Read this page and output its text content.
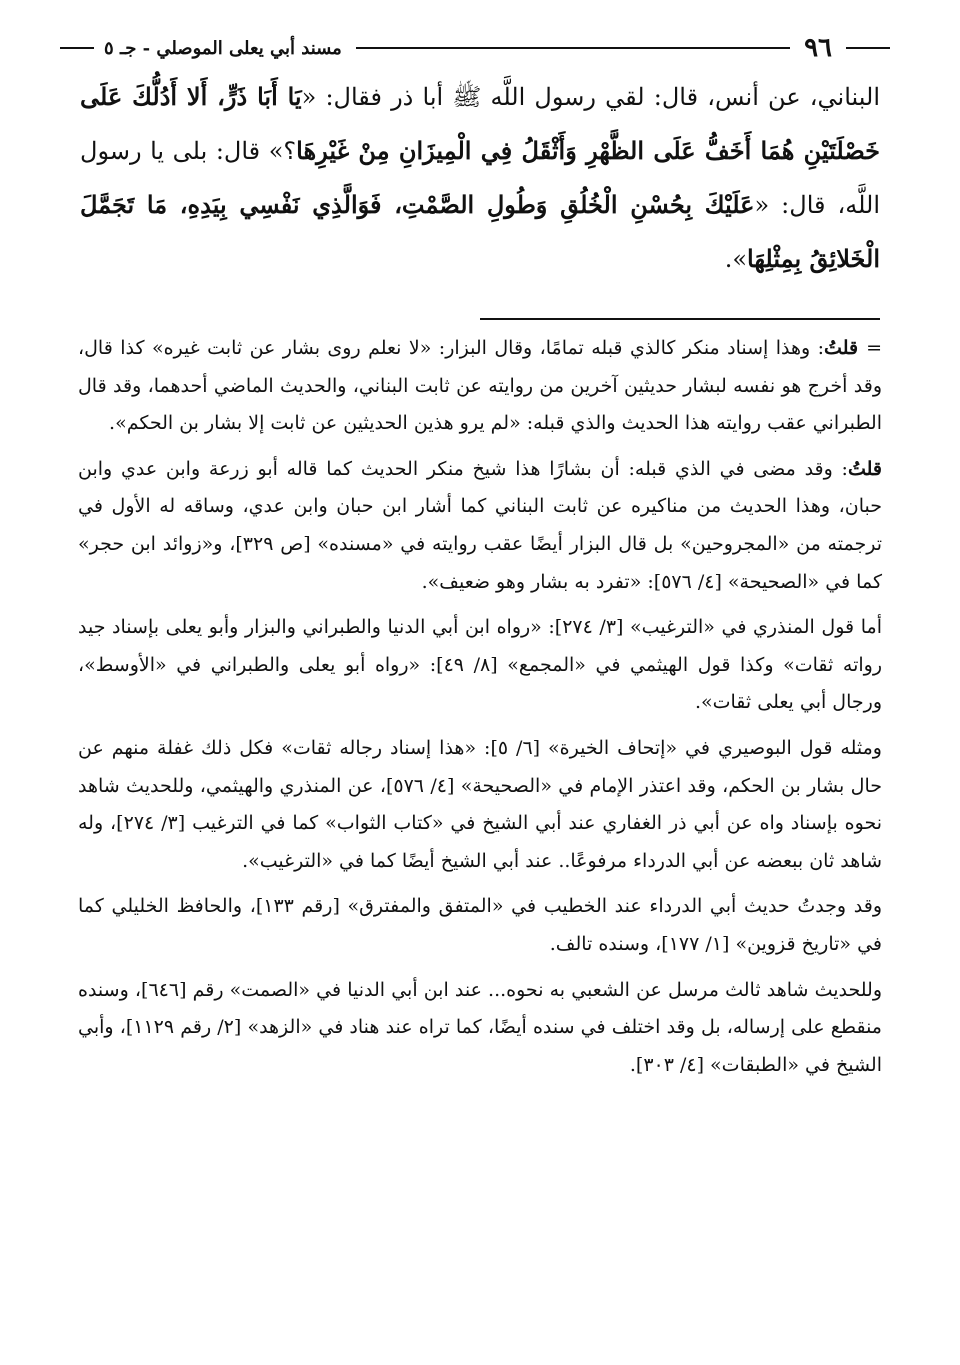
٩٦
مسند أبي يعلى الموصلي - جـ ٥
البناني، عن أنس، قال: لقي رسول اللَّه ﷺ أبا ذر فقال: «يَا أَبَا ذَرٍّ، أَلا أَدُلُّكَ عَلَى خَصْلَتَيْنِ هُمَا أَخَفُّ عَلَى الظَّهْرِ وَأَثْقَلُ فِي الْمِيزَانِ مِنْ غَيْرِهَا؟» قال: بلى يا رسول اللَّه، قال: «عَلَيْكَ بِحُسْنِ الْخُلُقِ وَطُولِ الصَّمْتِ، فَوَالَّذِي نَفْسِي بِيَدِهِ، مَا تَجَمَّلَ الْخَلائِقُ بِمِثْلِهَا».

=قلتُ: وهذا إسناد منكر كالذي قبله تمامًا، وقال البزار: «لا نعلم روى بشار عن ثابت غيره» كذا قال، وقد أخرج هو نفسه لبشار حديثين آخرين من روايته عن ثابت البناني، والحديث الماضي أحدهما، وقد قال الطبراني عقب روايته هذا الحديث والذي قبله: «لم يرو هذين الحديثين عن ثابت إلا بشار بن الحكم».

قلتُ: وقد مضى في الذي قبله: أن بشارًا هذا شيخ منكر الحديث كما قاله أبو زرعة وابن عدي وابن حبان، وهذا الحديث من مناكيره عن ثابت البناني كما أشار ابن حبان وابن عدي، وساقه له الأول في ترجمته من «المجروحين» بل قال البزار أيضًا عقب روايته في «مسنده» [ص ٣٢٩]، و«زوائد ابن حجر» كما في «الصحيحة» [٤/ ٥٧٦]: «تفرد به بشار وهو ضعيف».

أما قول المنذري في «الترغيب» [٣/ ٢٧٤]: «رواه ابن أبي الدنيا والطبراني والبزار وأبو يعلى بإسناد جيد رواته ثقات» وكذا قول الهيثمي في «المجمع» [٨/ ٤٩]: «رواه أبو يعلى والطبراني في «الأوسط»، ورجال أبي يعلى ثقات».

ومثله قول البوصيري في «إتحاف الخيرة» [٦/ ٥]: «هذا إسناد رجاله ثقات» فكل ذلك غفلة منهم عن حال بشار بن الحكم، وقد اعتذر الإمام في «الصحيحة» [٤/ ٥٧٦]، عن المنذري والهيثمي، وللحديث شاهد نحوه بإسناد واه عن أبي ذر الغفاري عند أبي الشيخ في «كتاب الثواب» كما في الترغيب [٣/ ٢٧٤]، وله شاهد ثان ببعضه عن أبي الدرداء مرفوعًا.. عند أبي الشيخ أيضًا كما في «الترغيب».

وقد وجدتُ حديث أبي الدرداء عند الخطيب في «المتفق والمفترق» [رقم ١٣٣]، والحافظ الخليلي كما في «تاريخ قزوين» [١/ ١٧٧]، وسنده تالف.

وللحديث شاهد ثالث مرسل عن الشعبي به نحوه... عند ابن أبي الدنيا في «الصمت» رقم [٦٤٦]، وسنده منقطع على إرساله، بل وقد اختلف في سنده أيضًا، كما تراه عند هناد في «الزهد» [٢/ رقم ١١٢٩]، وأبي الشيخ في «الطبقات» [٤/ ٣٠٣].
